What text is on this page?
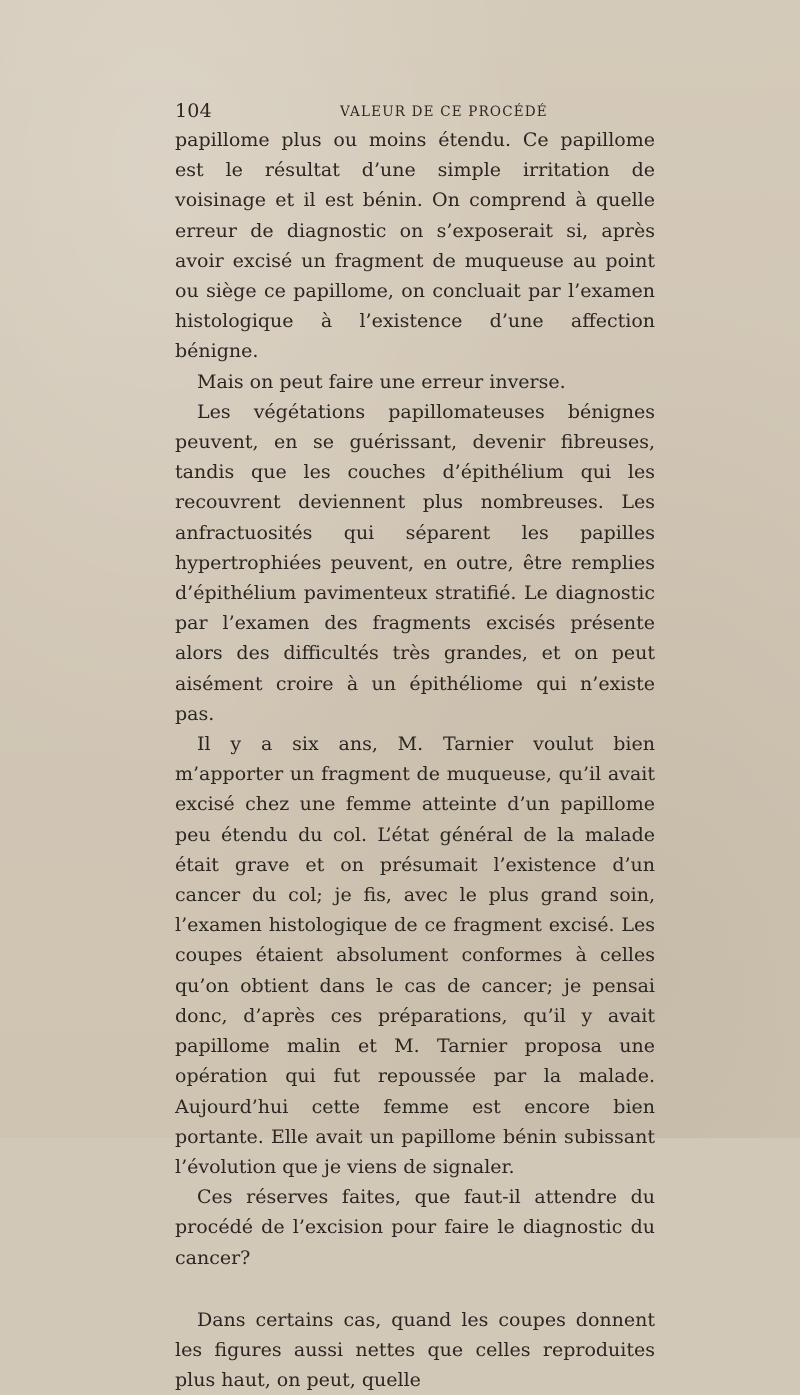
104	VALEUR DE CE PROCÉDÉ

papillome plus ou moins étendu. Ce papillome est le résultat d’une simple irritation de voisinage et il est bénin. On comprend à quelle erreur de diagnostic on s’exposerait si, après avoir excisé un fragment de muqueuse au point ou siège ce papillome, on concluait par l’examen histologique à l’existence d’une affection bénigne.

Mais on peut faire une erreur inverse.

Les végétations papillomateuses bénignes peuvent, en se guérissant, devenir fibreuses, tandis que les couches d’épithélium qui les recouvrent deviennent plus nombreuses. Les anfractuosités qui séparent les papilles hypertrophiées peuvent, en outre, être remplies d’épithélium pavimenteux stratifié. Le diagnostic par l’examen des fragments excisés présente alors des difficultés très grandes, et on peut aisément croire à un épithéliome qui n’existe pas.

Il y a six ans, M. Tarnier voulut bien m’apporter un fragment de muqueuse, qu’il avait excisé chez une femme atteinte d’un papillome peu étendu du col. L’état général de la malade était grave et on présumait l’existence d’un cancer du col; je fis, avec le plus grand soin, l’examen histologique de ce fragment excisé. Les coupes étaient absolument conformes à celles qu’on obtient dans le cas de cancer; je pensai donc, d’après ces préparations, qu’il y avait papillome malin et M. Tarnier proposa une opération qui fut repoussée par la malade. Aujourd’hui cette femme est encore bien portante. Elle avait un papillome bénin subissant l’évolution que je viens de signaler.

Ces réserves faites, que faut-il attendre du procédé de l’excision pour faire le diagnostic du cancer?

Dans certains cas, quand les coupes donnent les figures aussi nettes que celles reproduites plus haut, on peut, quelle
